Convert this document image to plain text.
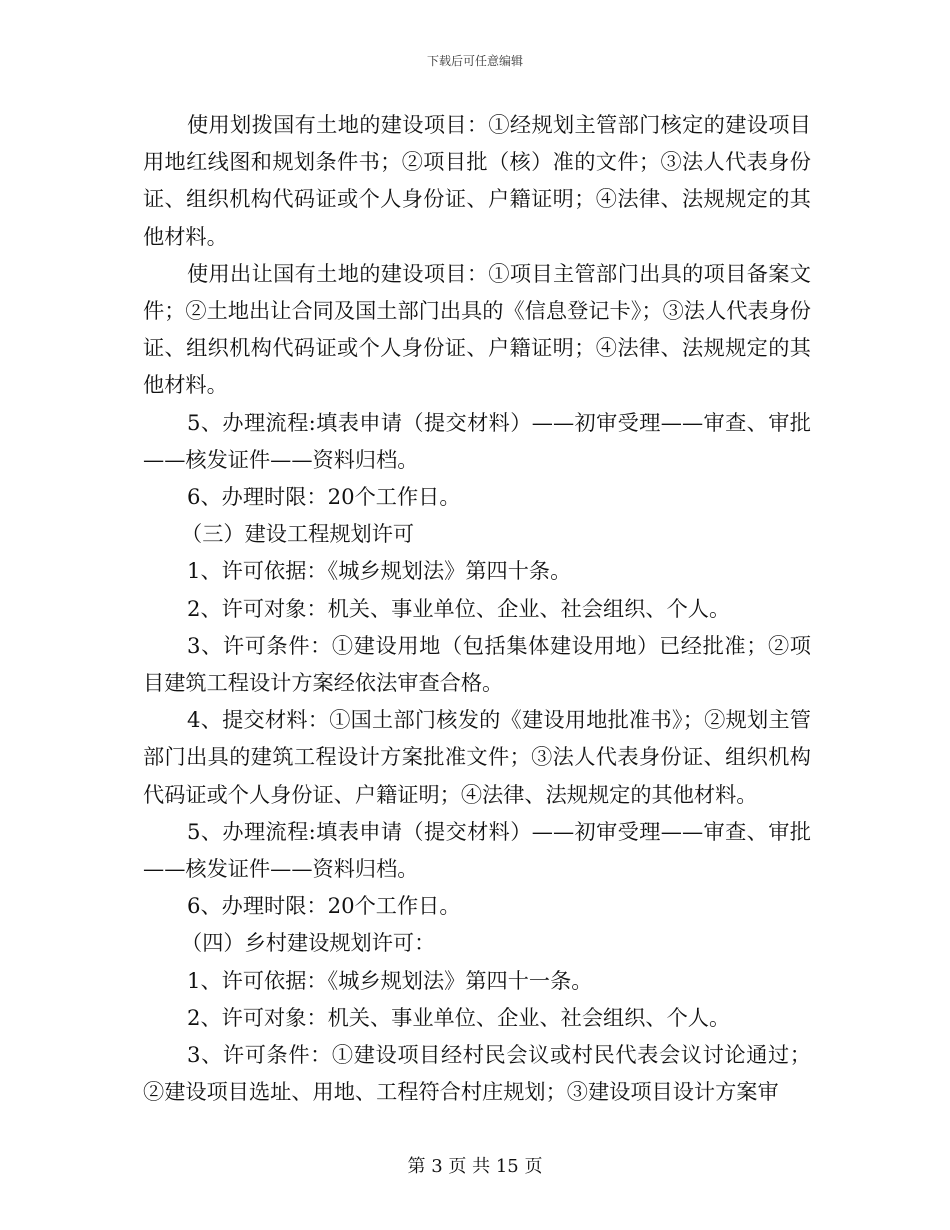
下载后可任意编辑

使用划拨国有土地的建设项目：①经规划主管部门核定的建设项目用地红线图和规划条件书；②项目批（核）准的文件；③法人代表身份证、组织机构代码证或个人身份证、户籍证明；④法律、法规规定的其他材料。

使用出让国有土地的建设项目：①项目主管部门出具的项目备案文件；②土地出让合同及国土部门出具的《信息登记卡》；③法人代表身份证、组织机构代码证或个人身份证、户籍证明；④法律、法规规定的其他材料。

5、办理流程:填表申请（提交材料）——初审受理——审查、审批——核发证件——资料归档。

6、办理时限：20个工作日。

（三）建设工程规划许可

1、许可依据：《城乡规划法》第四十条。

2、许可对象：机关、事业单位、企业、社会组织、个人。

3、许可条件：①建设用地（包括集体建设用地）已经批准；②项目建筑工程设计方案经依法审查合格。

4、提交材料：①国土部门核发的《建设用地批准书》；②规划主管部门出具的建筑工程设计方案批准文件；③法人代表身份证、组织机构代码证或个人身份证、户籍证明；④法律、法规规定的其他材料。

5、办理流程:填表申请（提交材料）——初审受理——审查、审批——核发证件——资料归档。

6、办理时限：20个工作日。

（四）乡村建设规划许可：

1、许可依据：《城乡规划法》第四十一条。

2、许可对象：机关、事业单位、企业、社会组织、个人。

3、许可条件：①建设项目经村民会议或村民代表会议讨论通过；②建设项目选址、用地、工程符合村庄规划；③建设项目设计方案审

第 3 页 共 15 页
